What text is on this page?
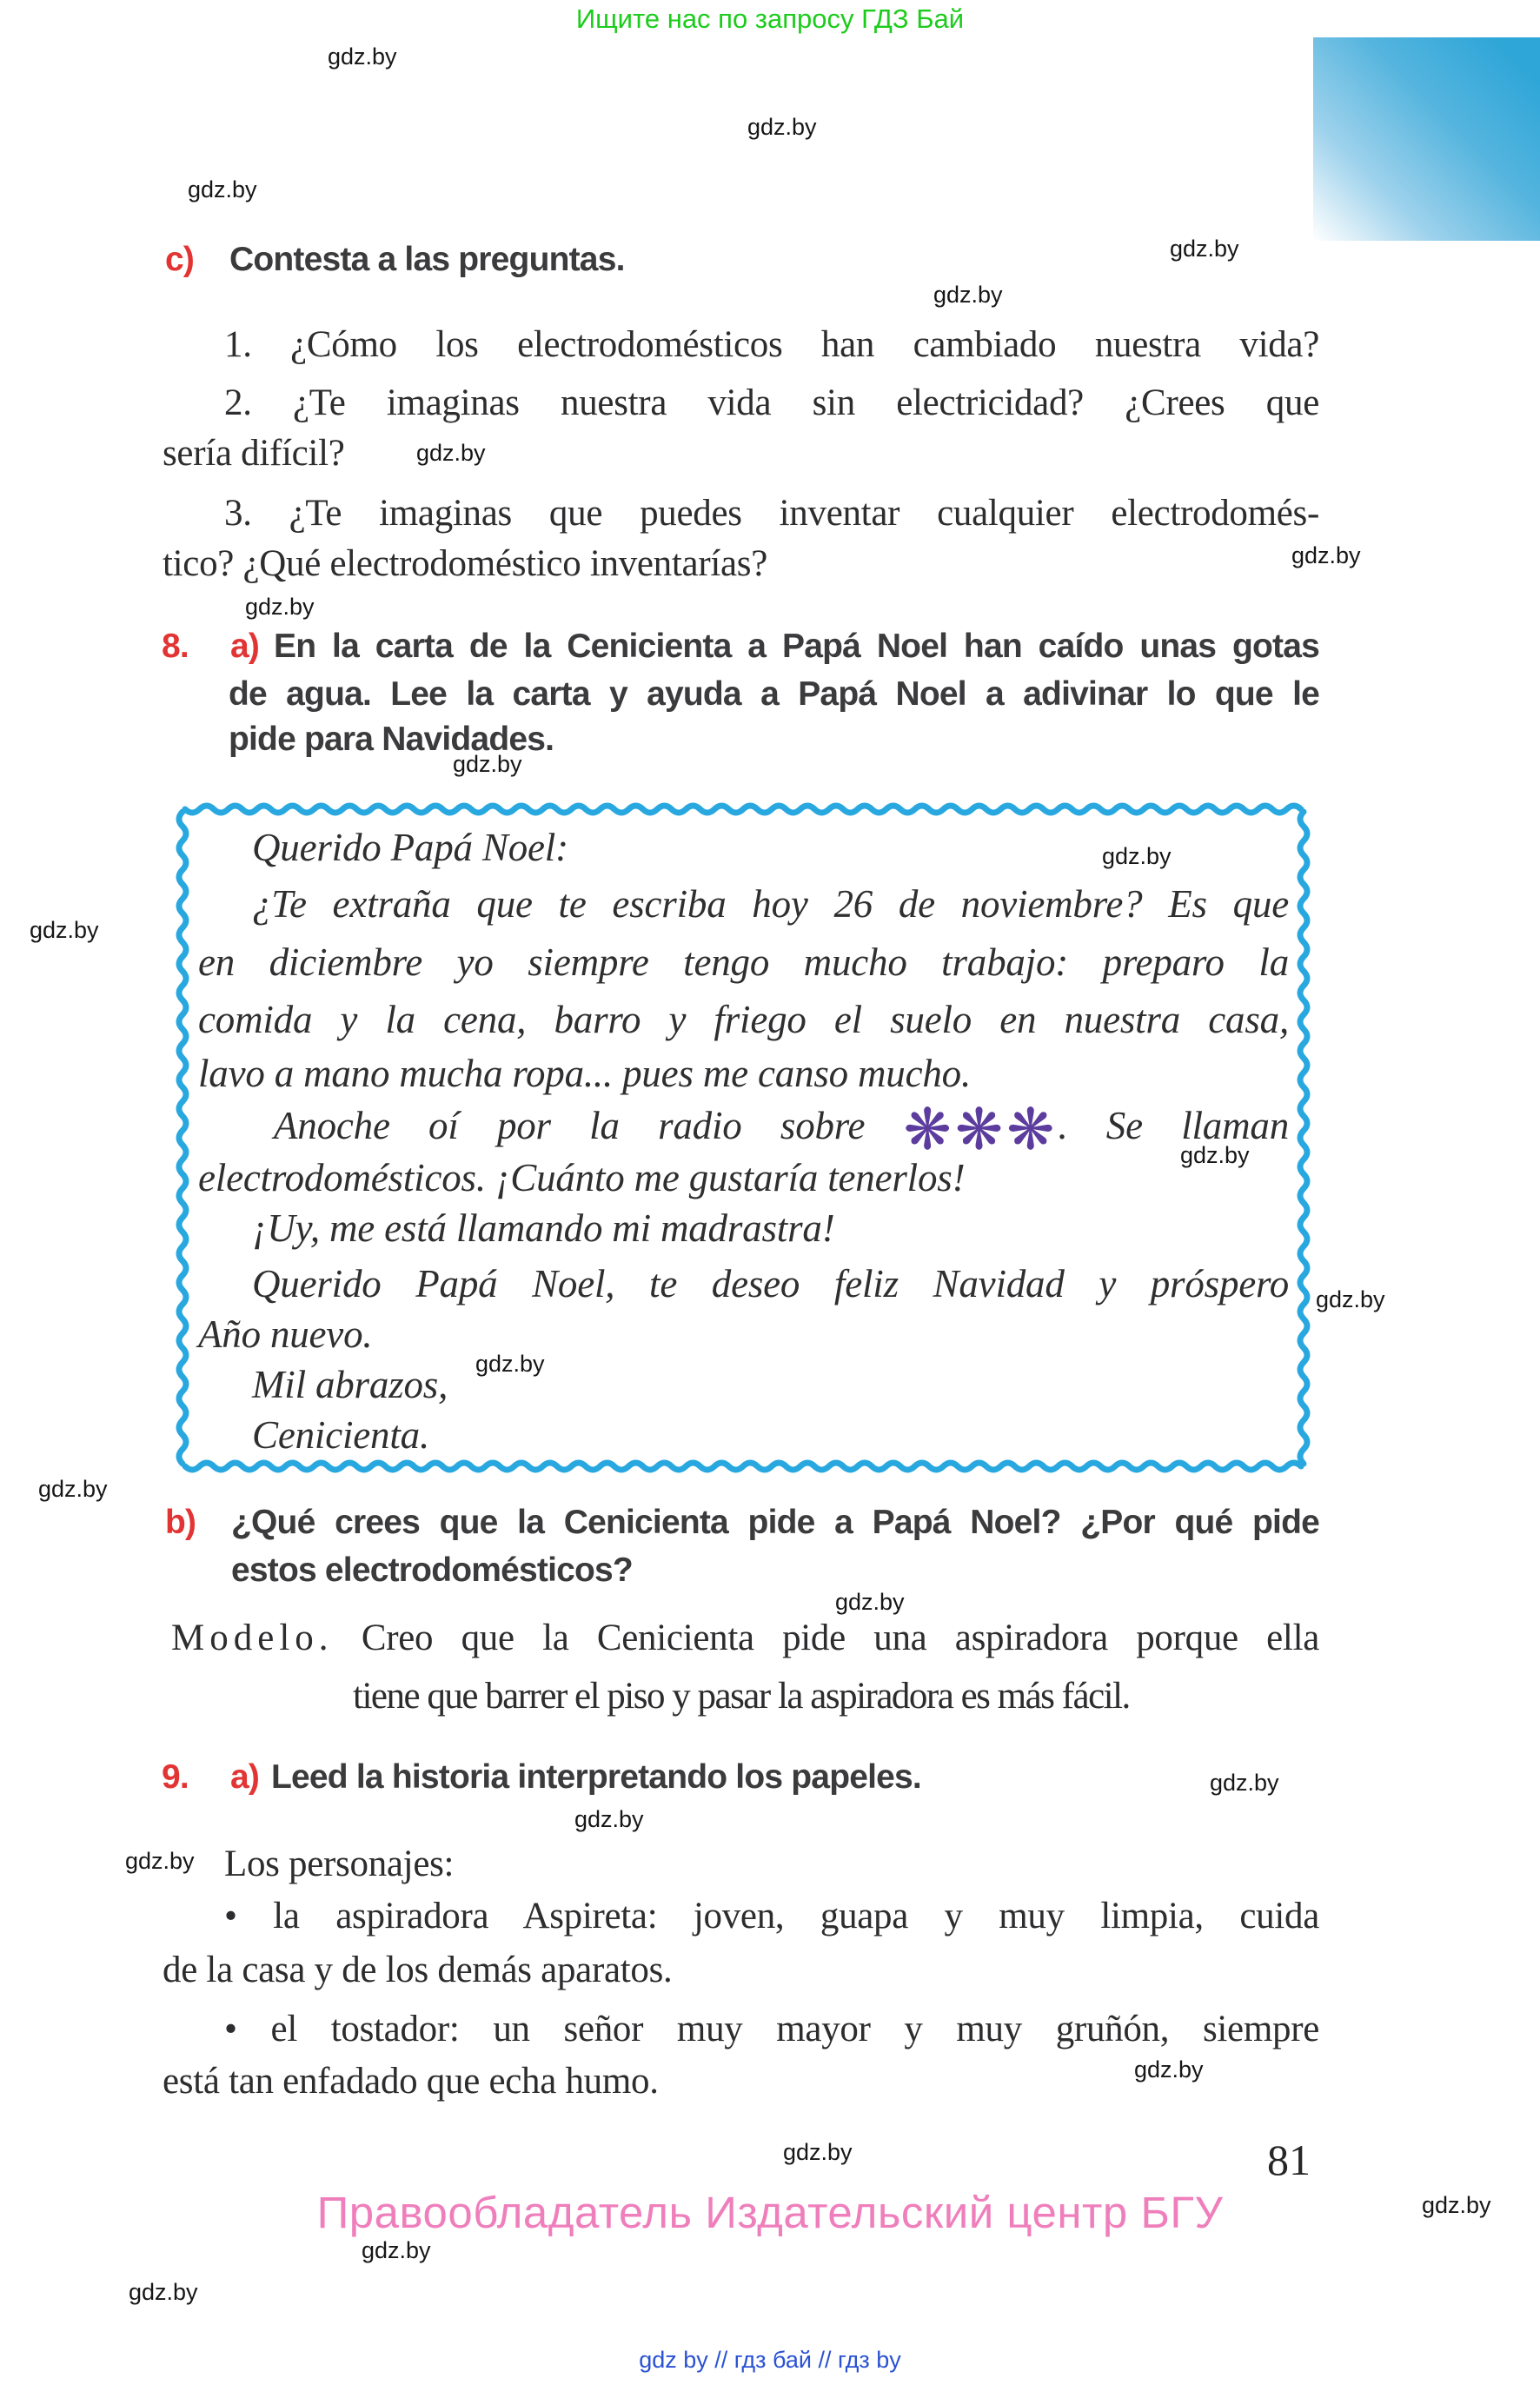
Ищите нас по запросу ГДЗ Бай
gdz.by
gdz.by
gdz.by
gdz.by
gdz.by
gdz.by
gdz.by
gdz.by
gdz.by
gdz.by
gdz.by
gdz.by
gdz.by
gdz.by
gdz.by
gdz.by
gdz.by
gdz.by
gdz.by
gdz.by
gdz.by
gdz.by
gdz.by
gdz.by
c) Contesta a las preguntas.
1. ¿Cómo los electrodomésticos han cambiado nuestra vida?
2. ¿Te imaginas nuestra vida sin electricidad? ¿Crees que
sería difícil?
3. ¿Te imaginas que puedes inventar cualquier electrodomés-
tico? ¿Qué electrodoméstico inventarías?
8. a) En la carta de la Cenicienta a Papá Noel han caído unas gotas
de agua. Lee la carta y ayuda a Papá Noel a adivinar lo que le
pide para Navidades.
Querido Papá Noel:
¿Te extraña que te escriba hoy 26 de noviembre? Es que
en diciembre yo siempre tengo mucho trabajo: preparo la
comida y la cena, barro y friego el suelo en nuestra casa,
lavo a mano mucha ropa... pues me canso mucho.
Anoche oí por la radio sobre ❋❋❋. Se llaman
electrodomésticos. ¡Cuánto me gustaría tenerlos!
¡Uy, me está llamando mi madrastra!
Querido Papá Noel, te deseo feliz Navidad y próspero
Año nuevo.
Mil abrazos,
Cenicienta.
b) ¿Qué crees que la Cenicienta pide a Papá Noel? ¿Por qué pide
estos electrodomésticos?
Modelo. Creo que la Cenicienta pide una aspiradora porque ella
tiene que barrer el piso y pasar la aspiradora es más fácil.
9. a) Leed la historia interpretando los papeles.
Los personajes:
• la aspiradora Aspireta: joven, guapa y muy limpia, cuida
de la casa y de los demás aparatos.
• el tostador: un señor muy mayor y muy gruñón, siempre
está tan enfadado que echa humo.
81
Правообладатель Издательский центр БГУ
gdz by // гдз бай // гдз by
